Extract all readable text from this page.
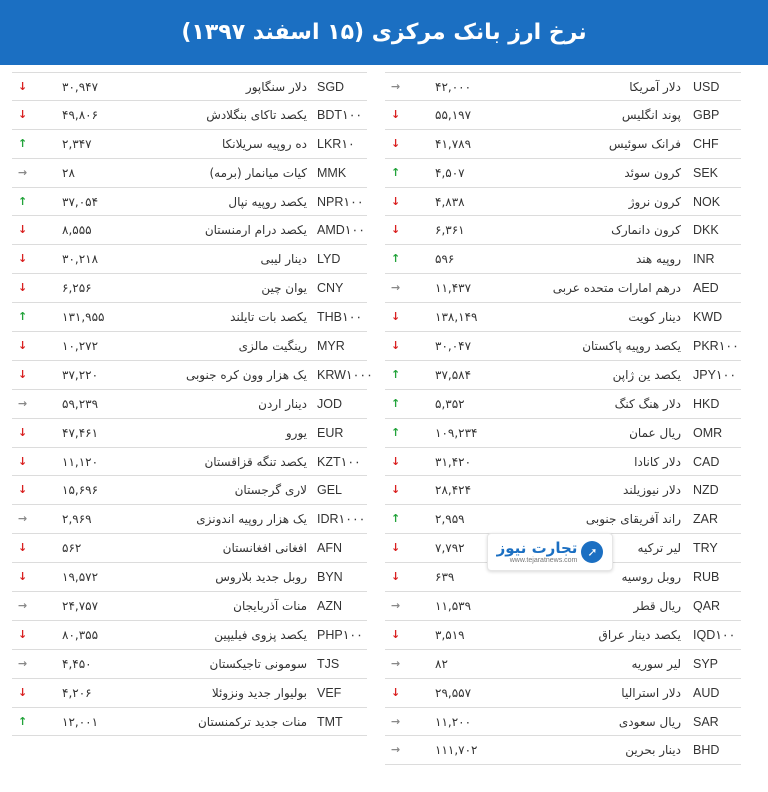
نرخ ارز بانک مرکزی (۱۵ اسفند ۱۳۹۷)
USD
دلار آمریکا
۴۲,۰۰۰
→
GBP
پوند انگلیس
۵۵,۱۹۷
↓
CHF
فرانک سوئیس
۴۱,۷۸۹
↓
SEK
کرون سوئد
۴,۵۰۷
↑
NOK
کرون نروژ
۴,۸۳۸
↓
DKK
کرون دانمارک
۶,۳۶۱
↓
INR
روپیه هند
۵۹۶
↑
AED
درهم امارات متحده عربی
۱۱,۴۳۷
→
KWD
دینار کویت
۱۳۸,۱۴۹
↓
PKR۱۰۰
یکصد روپیه پاکستان
۳۰,۰۴۷
↓
JPY۱۰۰
یکصد ین ژاپن
۳۷,۵۸۴
↑
HKD
دلار هنگ کنگ
۵,۳۵۲
↑
OMR
ریال عمان
۱۰۹,۲۳۴
↑
CAD
دلار کانادا
۳۱,۴۲۰
↓
NZD
دلار نیوزیلند
۲۸,۴۲۴
↓
ZAR
راند آفریقای جنوبی
۲,۹۵۹
↑
TRY
لیر ترکیه
۷,۷۹۲
↓
RUB
روبل روسیه
۶۳۹
↓
QAR
ریال قطر
۱۱,۵۳۹
→
IQD۱۰۰
یکصد دینار عراق
۳,۵۱۹
↓
SYP
لیر سوریه
۸۲
→
AUD
دلار استرالیا
۲۹,۵۵۷
↓
SAR
ریال سعودی
۱۱,۲۰۰
→
BHD
دینار بحرین
۱۱۱,۷۰۲
→
SGD
دلار سنگاپور
۳۰,۹۴۷
↓
BDT۱۰۰
یکصد تاکای بنگلادش
۴۹,۸۰۶
↓
LKR۱۰
ده روپیه سریلانکا
۲,۳۴۷
↑
MMK
کیات میانمار (برمه)
۲۸
→
NPR۱۰۰
یکصد روپیه نپال
۳۷,۰۵۴
↑
AMD۱۰۰
یکصد درام ارمنستان
۸,۵۵۵
↓
LYD
دینار لیبی
۳۰,۲۱۸
↓
CNY
یوان چین
۶,۲۵۶
↓
THB۱۰۰
یکصد بات تایلند
۱۳۱,۹۵۵
↑
MYR
رینگیت مالزی
۱۰,۲۷۲
↓
KRW۱۰۰۰
یک هزار وون کره جنوبی
۳۷,۲۲۰
↓
JOD
دینار اردن
۵۹,۲۳۹
→
EUR
یورو
۴۷,۴۶۱
↓
KZT۱۰۰
یکصد تنگه قزاقستان
۱۱,۱۲۰
↓
GEL
لاری گرجستان
۱۵,۶۹۶
↓
IDR۱۰۰۰
یک هزار روپیه اندونزی
۲,۹۶۹
→
AFN
افغانی افغانستان
۵۶۲
↓
BYN
روبل جدید بلاروس
۱۹,۵۷۲
↓
AZN
منات آذربایجان
۲۴,۷۵۷
→
PHP۱۰۰
یکصد پزوی فیلیپین
۸۰,۳۵۵
↓
TJS
سومونی تاجیکستان
۴,۴۵۰
→
VEF
بولیوار جدید ونزوئلا
۴,۲۰۶
↓
TMT
منات جدید ترکمنستان
۱۲,۰۰۱
↑
تجارت نیوز
www.tejaratnews.com
➚
